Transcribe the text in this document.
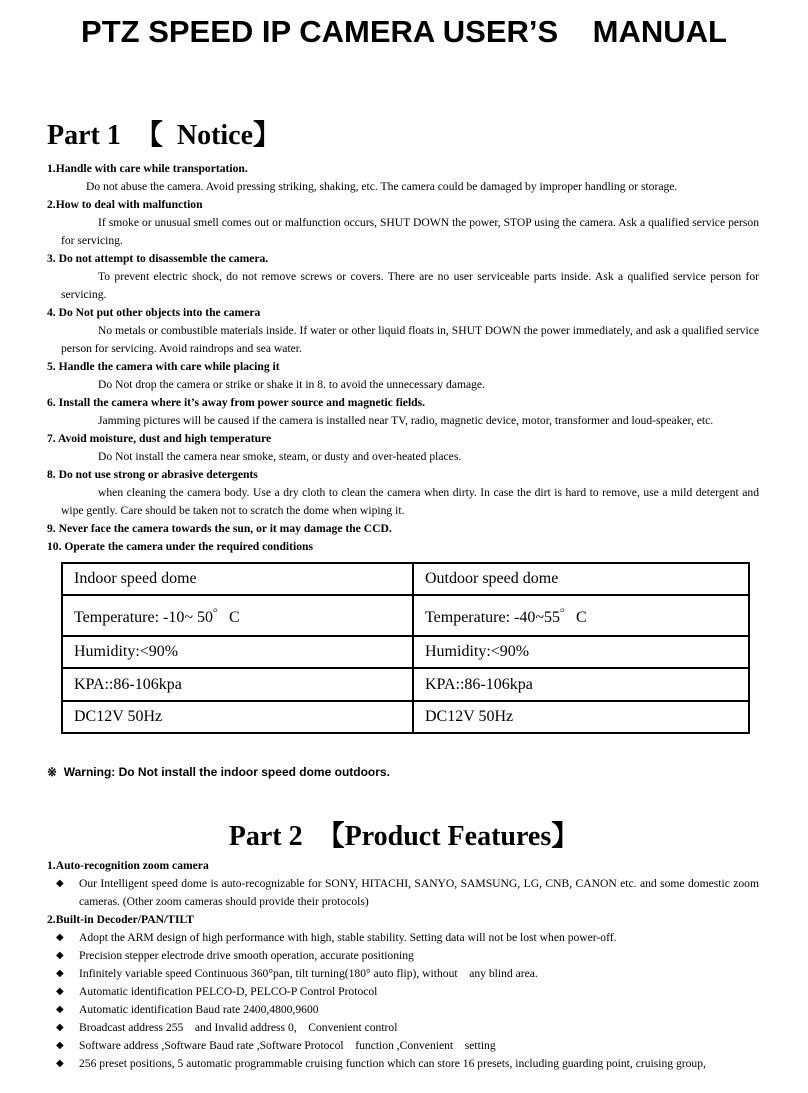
PTZ SPEED IP CAMERA USER’S    MANUAL
Part 1  【  Notice】
1.Handle with care while transportation.
Do not abuse the camera. Avoid pressing striking, shaking, etc. The camera could be damaged by improper handling or storage.
2.How to deal with malfunction
If smoke or unusual smell comes out or malfunction occurs, SHUT DOWN the power, STOP using the camera. Ask a qualified service person for servicing.
3. Do not attempt to disassemble the camera.
To prevent electric shock, do not remove screws or covers. There are no user serviceable parts inside. Ask a qualified service person for servicing.
4. Do Not put other objects into the camera
No metals or combustible materials inside. If water or other liquid floats in, SHUT DOWN the power immediately, and ask a qualified service person for servicing. Avoid raindrops and sea water.
5. Handle the camera with care while placing it
Do Not drop the camera or strike or shake it in 8. to avoid the unnecessary damage.
6. Install the camera where it’s away from power source and magnetic fields.
Jamming pictures will be caused if the camera is installed near TV, radio, magnetic device, motor, transformer and loud-speaker, etc.
7. Avoid moisture, dust and high temperature
Do Not install the camera near smoke, steam, or dusty and over-heated places.
8. Do not use strong or abrasive detergents
when cleaning the camera body. Use a dry cloth to clean the camera when dirty. In case the dirt is hard to remove, use a mild detergent and wipe gently. Care should be taken not to scratch the dome when wiping it.
9. Never face the camera towards the sun, or it may damage the CCD.
10. Operate the camera under the required conditions
Indoor speed dome	Outdoor speed dome
Temperature: -10~ 50゜C	Temperature: -40~55゜C
Humidity:<90%	Humidity:<90%
KPA::86-106kpa	KPA::86-106kpa
DC12V 50Hz	DC12V 50Hz
※  Warning: Do Not install the indoor speed dome outdoors.
Part 2  【Product Features】
1.Auto-recognition zoom camera
◆ Our Intelligent speed dome is auto-recognizable for SONY, HITACHI, SANYO, SAMSUNG, LG, CNB, CANON etc. and some domestic zoom cameras. (Other zoom cameras should provide their protocols)
2.Built-in Decoder/PAN/TILT
◆ Adopt the ARM design of high performance with high, stable stability. Setting data will not be lost when power-off.
◆ Precision stepper electrode drive smooth operation, accurate positioning
◆ Infinitely variable speed Continuous 360°pan, tilt turning(180° auto flip), without    any blind area.
◆ Automatic identification PELCO-D, PELCO-P Control Protocol
◆ Automatic identification Baud rate 2400,4800,9600
◆ Broadcast address 255    and Invalid address 0,    Convenient control
◆ Software address ,Software Baud rate ,Software Protocol    function ,Convenient    setting
◆ 256 preset positions, 5 automatic programmable cruising function which can store 16 presets, including guarding point, cruising group,
